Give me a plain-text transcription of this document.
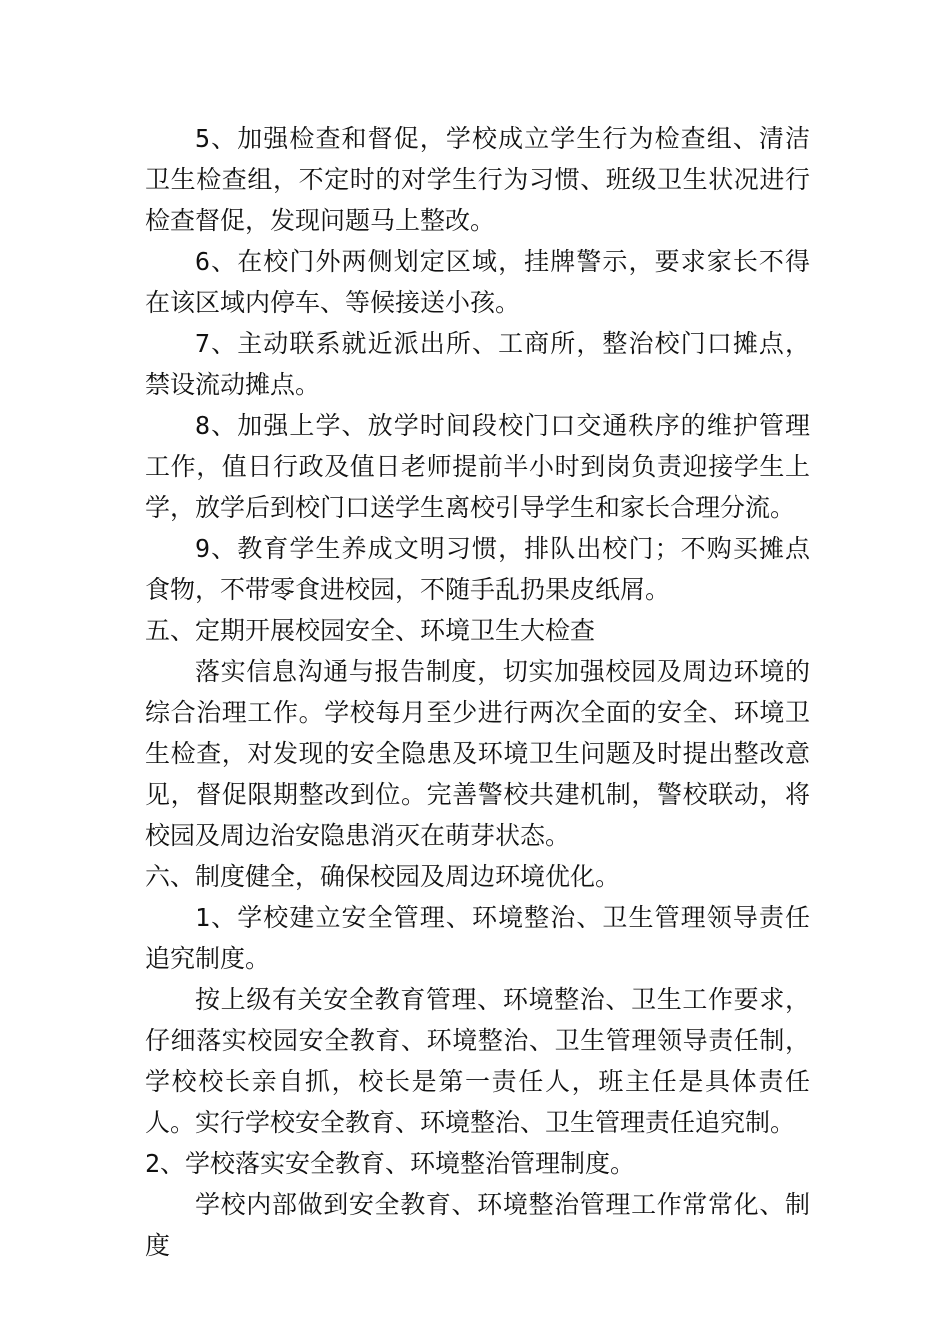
5、加强检查和督促，学校成立学生行为检查组、清洁卫生检查组，不定时的对学生行为习惯、班级卫生状况进行检查督促，发现问题马上整改。

6、在校门外两侧划定区域，挂牌警示，要求家长不得在该区域内停车、等候接送小孩。

7、主动联系就近派出所、工商所，整治校门口摊点，禁设流动摊点。

8、加强上学、放学时间段校门口交通秩序的维护管理工作，值日行政及值日老师提前半小时到岗负责迎接学生上学，放学后到校门口送学生离校引导学生和家长合理分流。

9、教育学生养成文明习惯，排队出校门；不购买摊点食物，不带零食进校园，不随手乱扔果皮纸屑。

五、定期开展校园安全、环境卫生大检查

落实信息沟通与报告制度，切实加强校园及周边环境的综合治理工作。学校每月至少进行两次全面的安全、环境卫生检查，对发现的安全隐患及环境卫生问题及时提出整改意见，督促限期整改到位。完善警校共建机制，警校联动，将校园及周边治安隐患消灭在萌芽状态。

六、制度健全，确保校园及周边环境优化。

1、学校建立安全管理、环境整治、卫生管理领导责任追究制度。

按上级有关安全教育管理、环境整治、卫生工作要求，仔细落实校园安全教育、环境整治、卫生管理领导责任制，学校校长亲自抓，校长是第一责任人，班主任是具体责任人。实行学校安全教育、环境整治、卫生管理责任追究制。

2、学校落实安全教育、环境整治管理制度。

学校内部做到安全教育、环境整治管理工作常常化、制度
